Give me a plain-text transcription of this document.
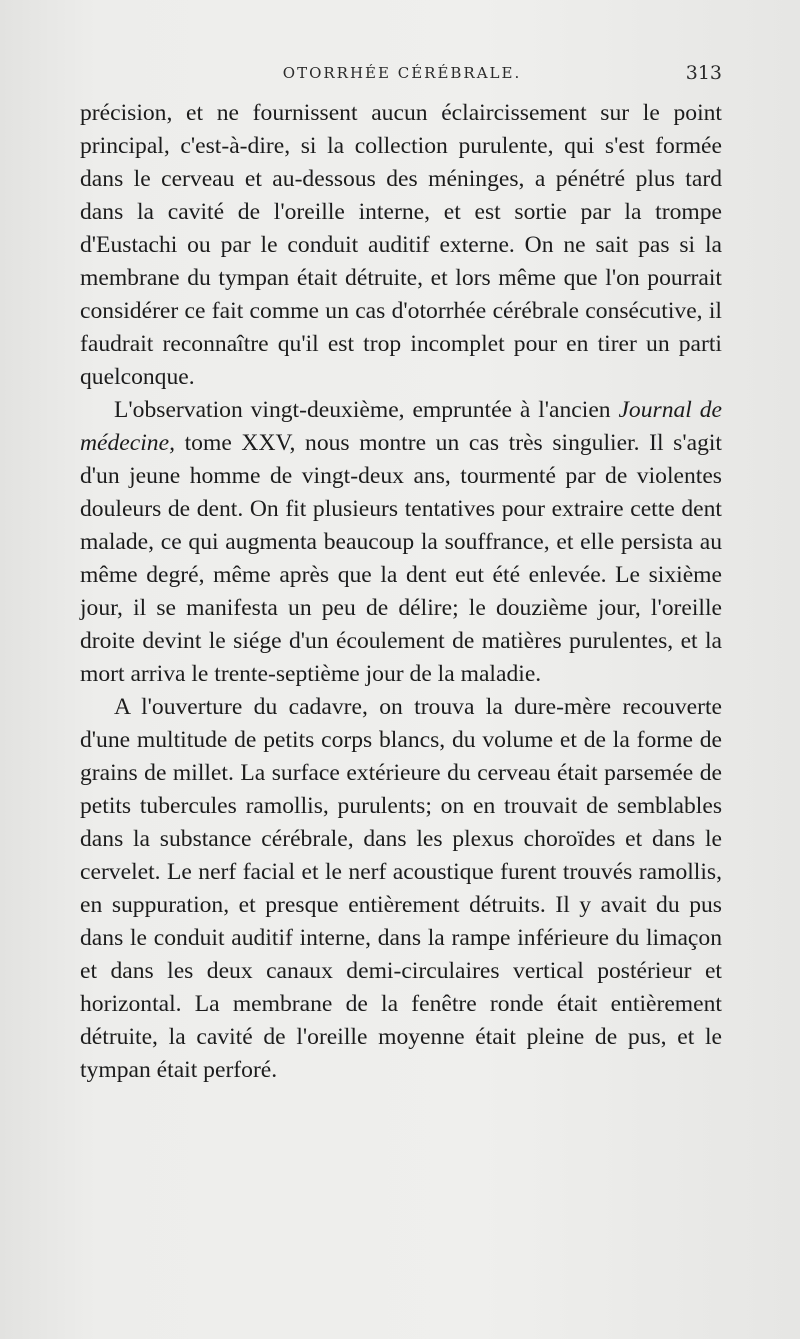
OTORRHÉE CÉRÉBRALE.	313

précision, et ne fournissent aucun éclaircissement sur le point principal, c'est-à-dire, si la collection purulente, qui s'est formée dans le cerveau et au-dessous des méninges, a pénétré plus tard dans la cavité de l'oreille interne, et est sortie par la trompe d'Eustachi ou par le conduit auditif externe. On ne sait pas si la membrane du tympan était détruite, et lors même que l'on pourrait considérer ce fait comme un cas d'otorrhée cérébrale consécutive, il faudrait reconnaître qu'il est trop incomplet pour en tirer un parti quelconque.

L'observation vingt-deuxième, empruntée à l'ancien Journal de médecine, tome XXV, nous montre un cas très singulier. Il s'agit d'un jeune homme de vingt-deux ans, tourmenté par de violentes douleurs de dent. On fit plusieurs tentatives pour extraire cette dent malade, ce qui augmenta beaucoup la souffrance, et elle persista au même degré, même après que la dent eut été enlevée. Le sixième jour, il se manifesta un peu de délire; le douzième jour, l'oreille droite devint le siége d'un écoulement de matières purulentes, et la mort arriva le trente-septième jour de la maladie.

A l'ouverture du cadavre, on trouva la dure-mère recouverte d'une multitude de petits corps blancs, du volume et de la forme de grains de millet. La surface extérieure du cerveau était parsemée de petits tubercules ramollis, purulents; on en trouvait de semblables dans la substance cérébrale, dans les plexus choroïdes et dans le cervelet. Le nerf facial et le nerf acoustique furent trouvés ramollis, en suppuration, et presque entièrement détruits. Il y avait du pus dans le conduit auditif interne, dans la rampe inférieure du limaçon et dans les deux canaux demi-circulaires vertical postérieur et horizontal. La membrane de la fenêtre ronde était entièrement détruite, la cavité de l'oreille moyenne était pleine de pus, et le tympan était perforé.
